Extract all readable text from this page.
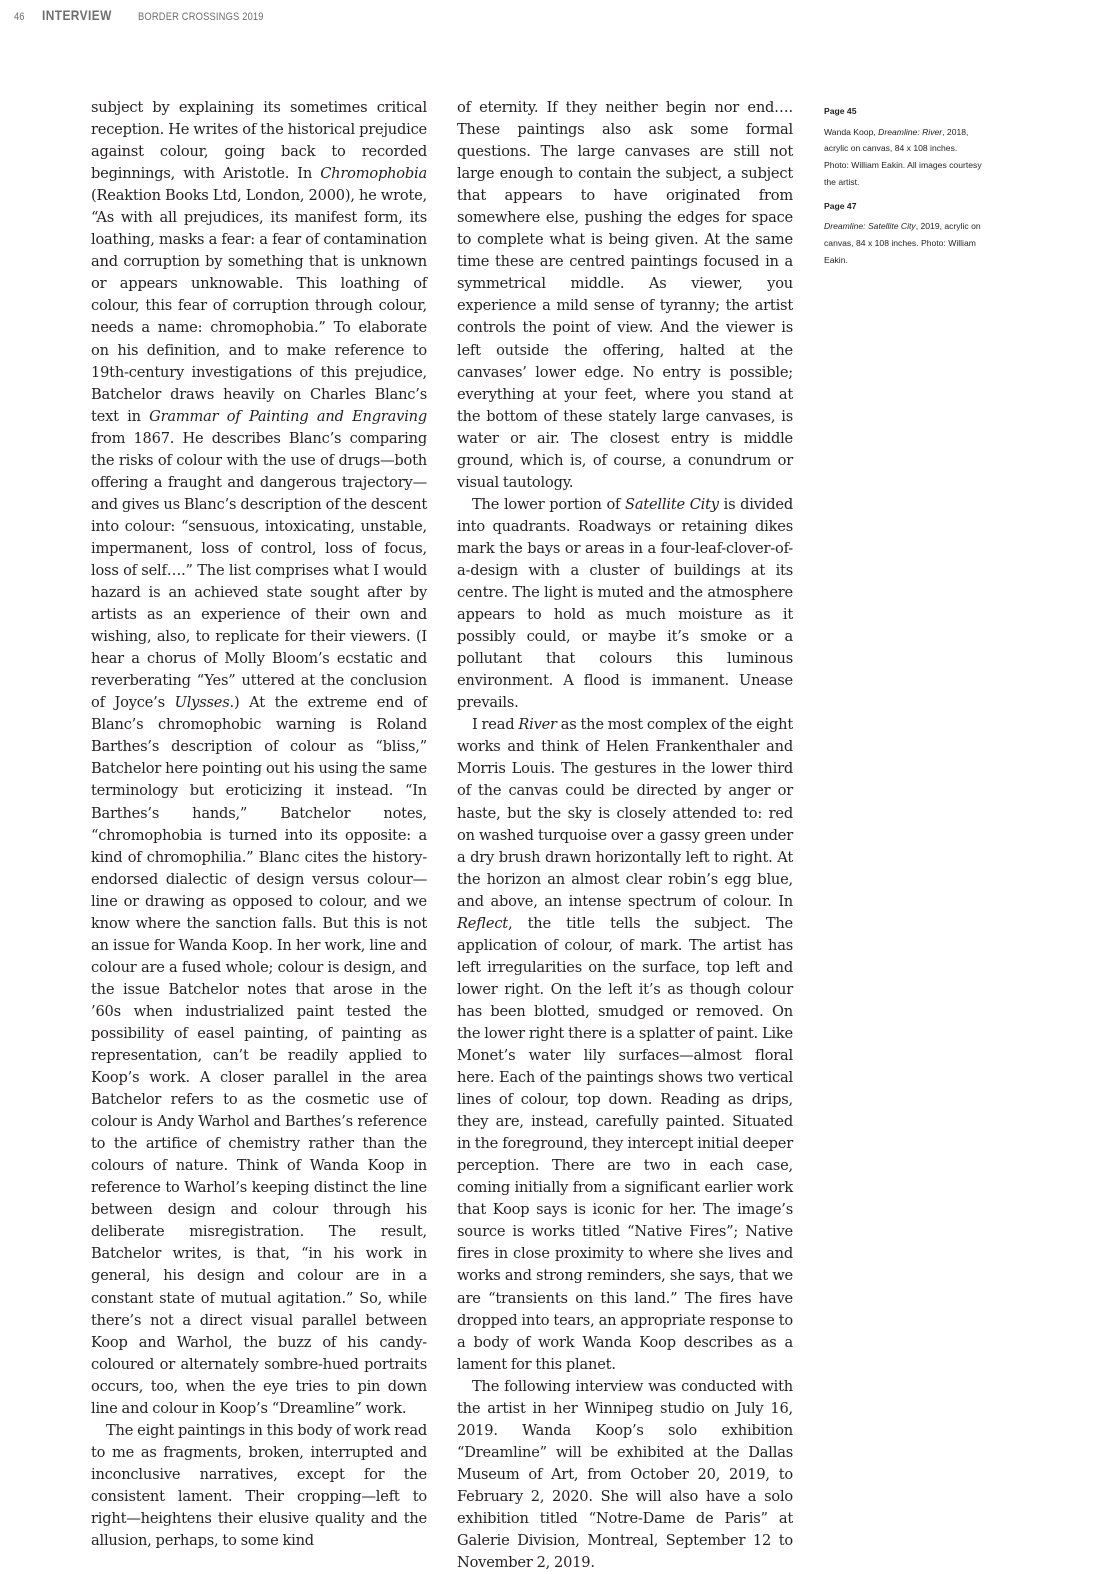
46 INTERVIEW BORDER CROSSINGS 2019

subject by explaining its sometimes critical reception. He writes of the historical prejudice against colour, going back to recorded beginnings, with Aristotle. In Chromophobia (Reaktion Books Ltd, London, 2000), he wrote, “As with all prejudices, its manifest form, its loathing, masks a fear: a fear of contamination and corruption by something that is unknown or appears unknowable. This loathing of colour, this fear of corruption through colour, needs a name: chromophobia.” To elaborate on his definition, and to make reference to 19th-century investigations of this prejudice, Batchelor draws heavily on Charles Blanc’s text in Grammar of Painting and Engraving from 1867. He describes Blanc’s comparing the risks of colour with the use of drugs—both offering a fraught and dangerous trajectory—and gives us Blanc’s description of the descent into colour: “sensuous, intoxicating, unstable, impermanent, loss of control, loss of focus, loss of self….” The list comprises what I would hazard is an achieved state sought after by artists as an experience of their own and wishing, also, to replicate for their viewers. (I hear a chorus of Molly Bloom’s ecstatic and reverberating “Yes” uttered at the conclusion of Joyce’s Ulysses.) At the extreme end of Blanc’s chromophobic warning is Roland Barthes’s description of colour as “bliss,” Batchelor here pointing out his using the same terminology but eroticizing it instead. “In Barthes’s hands,” Batchelor notes, “chromophobia is turned into its opposite: a kind of chromophilia.” Blanc cites the history-endorsed dialectic of design versus colour—line or drawing as opposed to colour, and we know where the sanction falls. But this is not an issue for Wanda Koop. In her work, line and colour are a fused whole; colour is design, and the issue Batchelor notes that arose in the ’60s when industrialized paint tested the possibility of easel painting, of painting as representation, can’t be readily applied to Koop’s work. A closer parallel in the area Batchelor refers to as the cosmetic use of colour is Andy Warhol and Barthes’s reference to the artifice of chemistry rather than the colours of nature. Think of Wanda Koop in reference to Warhol’s keeping distinct the line between design and colour through his deliberate misregistration. The result, Batchelor writes, is that, “in his work in general, his design and colour are in a constant state of mutual agitation.” So, while there’s not a direct visual parallel between Koop and Warhol, the buzz of his candy-coloured or alternately sombre-hued portraits occurs, too, when the eye tries to pin down line and colour in Koop’s “Dreamline” work.

The eight paintings in this body of work read to me as fragments, broken, interrupted and inconclusive narratives, except for the consistent lament. Their cropping—left to right—heightens their elusive quality and the allusion, perhaps, to some kind

of eternity. If they neither begin nor end…. These paintings also ask some formal questions. The large canvases are still not large enough to contain the subject, a subject that appears to have originated from somewhere else, pushing the edges for space to complete what is being given. At the same time these are centred paintings focused in a symmetrical middle. As viewer, you experience a mild sense of tyranny; the artist controls the point of view. And the viewer is left outside the offering, halted at the canvases’ lower edge. No entry is possible; everything at your feet, where you stand at the bottom of these stately large canvases, is water or air. The closest entry is middle ground, which is, of course, a conundrum or visual tautology.

The lower portion of Satellite City is divided into quadrants. Roadways or retaining dikes mark the bays or areas in a four-leaf-clover-of-a-design with a cluster of buildings at its centre. The light is muted and the atmosphere appears to hold as much moisture as it possibly could, or maybe it’s smoke or a pollutant that colours this luminous environment. A flood is immanent. Unease prevails.

I read River as the most complex of the eight works and think of Helen Frankenthaler and Morris Louis. The gestures in the lower third of the canvas could be directed by anger or haste, but the sky is closely attended to: red on washed turquoise over a gassy green under a dry brush drawn horizontally left to right. At the horizon an almost clear robin’s egg blue, and above, an intense spectrum of colour. In Reflect, the title tells the subject. The application of colour, of mark. The artist has left irregularities on the surface, top left and lower right. On the left it’s as though colour has been blotted, smudged or removed. On the lower right there is a splatter of paint. Like Monet’s water lily surfaces—almost floral here. Each of the paintings shows two vertical lines of colour, top down. Reading as drips, they are, instead, carefully painted. Situated in the foreground, they intercept initial deeper perception. There are two in each case, coming initially from a significant earlier work that Koop says is iconic for her. The image’s source is works titled “Native Fires”; Native fires in close proximity to where she lives and works and strong reminders, she says, that we are “transients on this land.” The fires have dropped into tears, an appropriate response to a body of work Wanda Koop describes as a lament for this planet.

The following interview was conducted with the artist in her Winnipeg studio on July 16, 2019. Wanda Koop’s solo exhibition “Dreamline” will be exhibited at the Dallas Museum of Art, from October 20, 2019, to February 2, 2020. She will also have a solo exhibition titled “Notre-Dame de Paris” at Galerie Division, Montreal, September 12 to November 2, 2019.

Page 45
Wanda Koop, Dreamline: River, 2018, acrylic on canvas, 84 x 108 inches. Photo: William Eakin. All images courtesy the artist.
Page 47
Dreamline: Satellite City, 2019, acrylic on canvas, 84 x 108 inches. Photo: William Eakin.
